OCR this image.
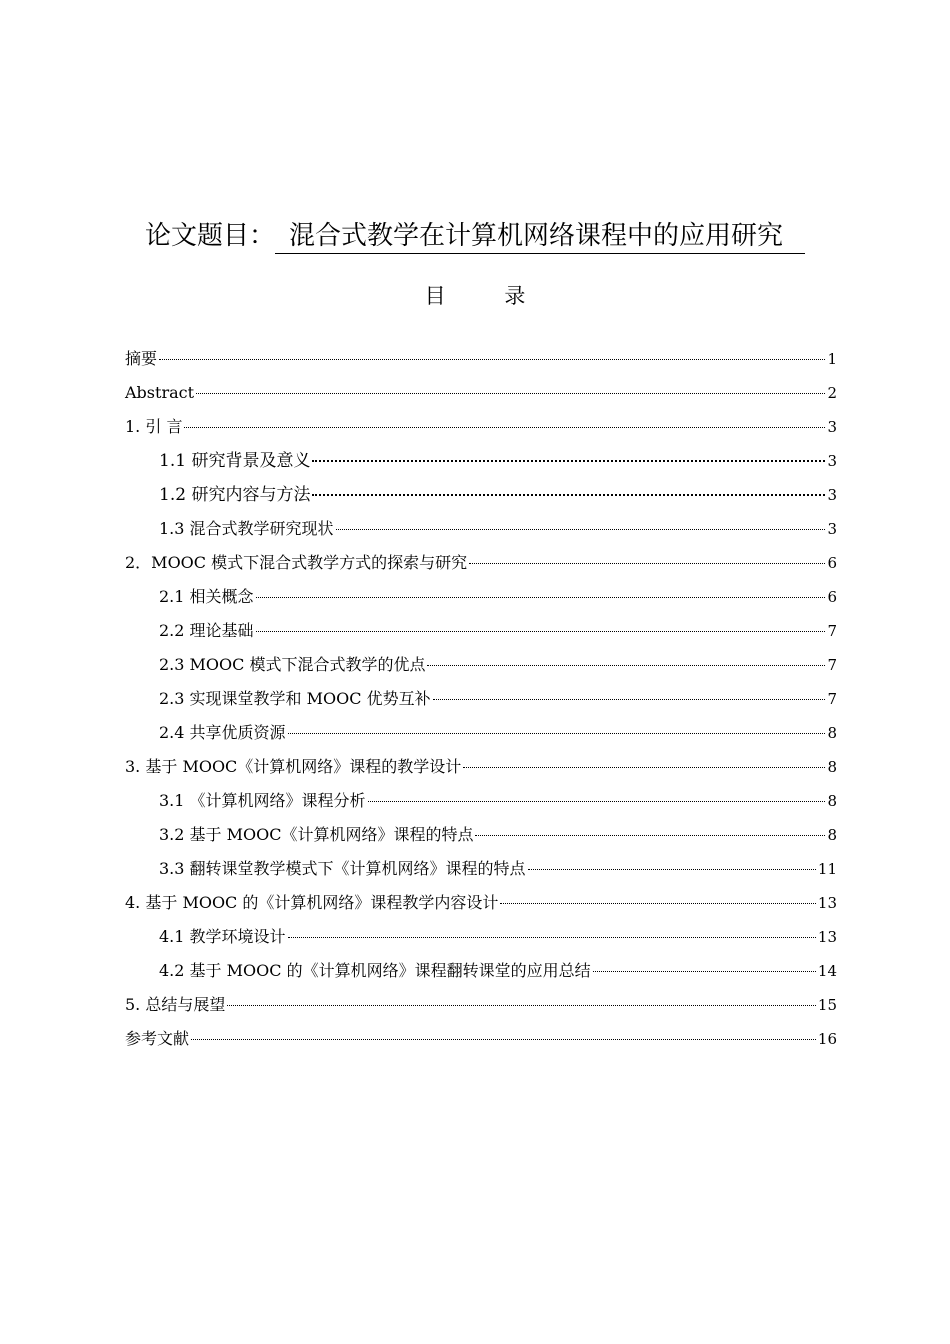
论文题目： 混合式教学在计算机网络课程中的应用研究
目 录
摘要	1
Abstract	2
1. 引 言	3
1.1 研究背景及意义	3
1.2 研究内容与方法	3
1.3 混合式教学研究现状	3
2．MOOC 模式下混合式教学方式的探索与研究	6
2.1 相关概念	6
2.2 理论基础	7
2.3 MOOC 模式下混合式教学的优点	7
2.3 实现课堂教学和 MOOC 优势互补	7
2.4 共享优质资源	8
3. 基于 MOOC《计算机网络》课程的教学设计	8
3.1 《计算机网络》课程分析	8
3.2 基于 MOOC《计算机网络》课程的特点	8
3.3 翻转课堂教学模式下《计算机网络》课程的特点	11
4. 基于 MOOC 的《计算机网络》课程教学内容设计	13
4.1 教学环境设计	13
4.2 基于 MOOC 的《计算机网络》课程翻转课堂的应用总结	14
5. 总结与展望	15
参考文献	16
